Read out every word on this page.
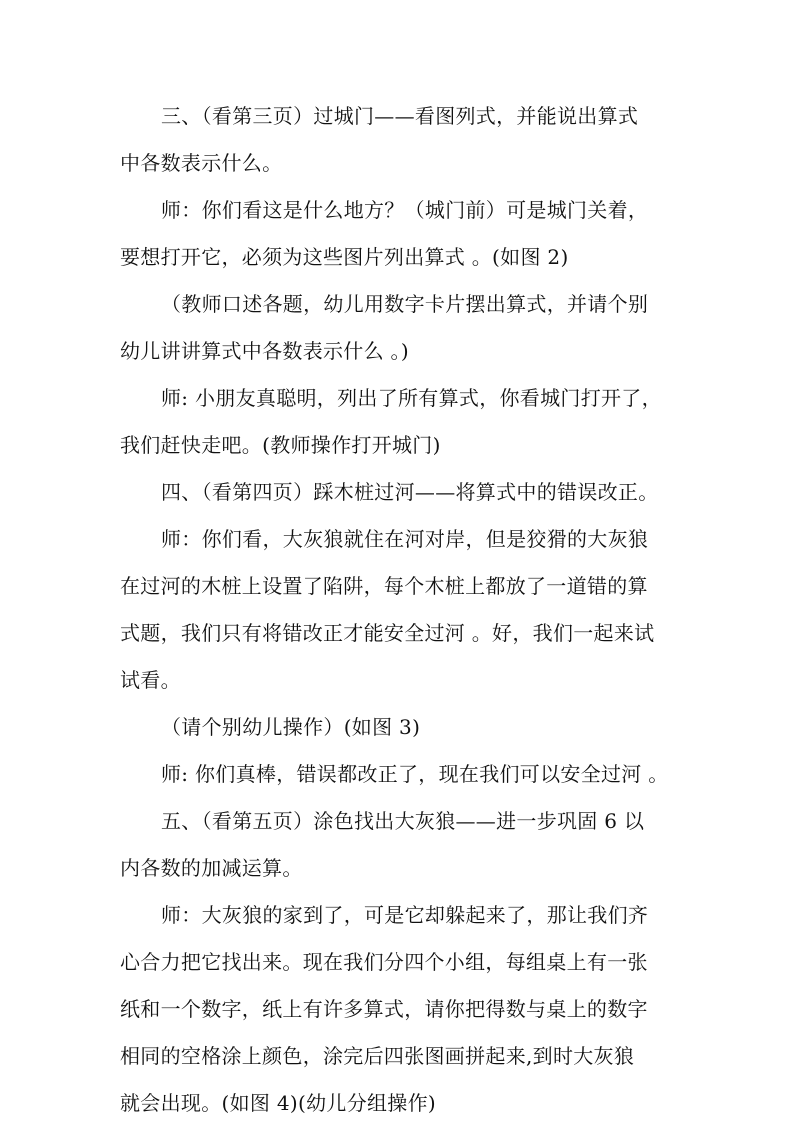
三、（看第三页）过城门——看图列式，并能说出算式

中各数表示什么。

师：你们看这是什么地方？（城门前）可是城门关着，

要想打开它，必须为这些图片列出算式 。(如图 2)

（教师口述各题，幼儿用数字卡片摆出算式，并请个别

幼儿讲讲算式中各数表示什么 。)

师: 小朋友真聪明，列出了所有算式，你看城门打开了，

我们赶快走吧。(教师操作打开城门)

四、（看第四页）踩木桩过河——将算式中的错误改正。

师：你们看，大灰狼就住在河对岸，但是狡猾的大灰狼

在过河的木桩上设置了陷阱，每个木桩上都放了一道错的算

式题，我们只有将错改正才能安全过河 。好，我们一起来试

试看。

（请个别幼儿操作）(如图 3)

师: 你们真棒，错误都改正了，现在我们可以安全过河 。

五、（看第五页）涂色找出大灰狼——进一步巩固 6 以

内各数的加减运算。

师：大灰狼的家到了，可是它却躲起来了，那让我们齐

心合力把它找出来。现在我们分四个小组，每组桌上有一张

纸和一个数字，纸上有许多算式，请你把得数与桌上的数字

相同的空格涂上颜色，涂完后四张图画拼起来,到时大灰狼

就会出现。(如图 4)(幼儿分组操作)
